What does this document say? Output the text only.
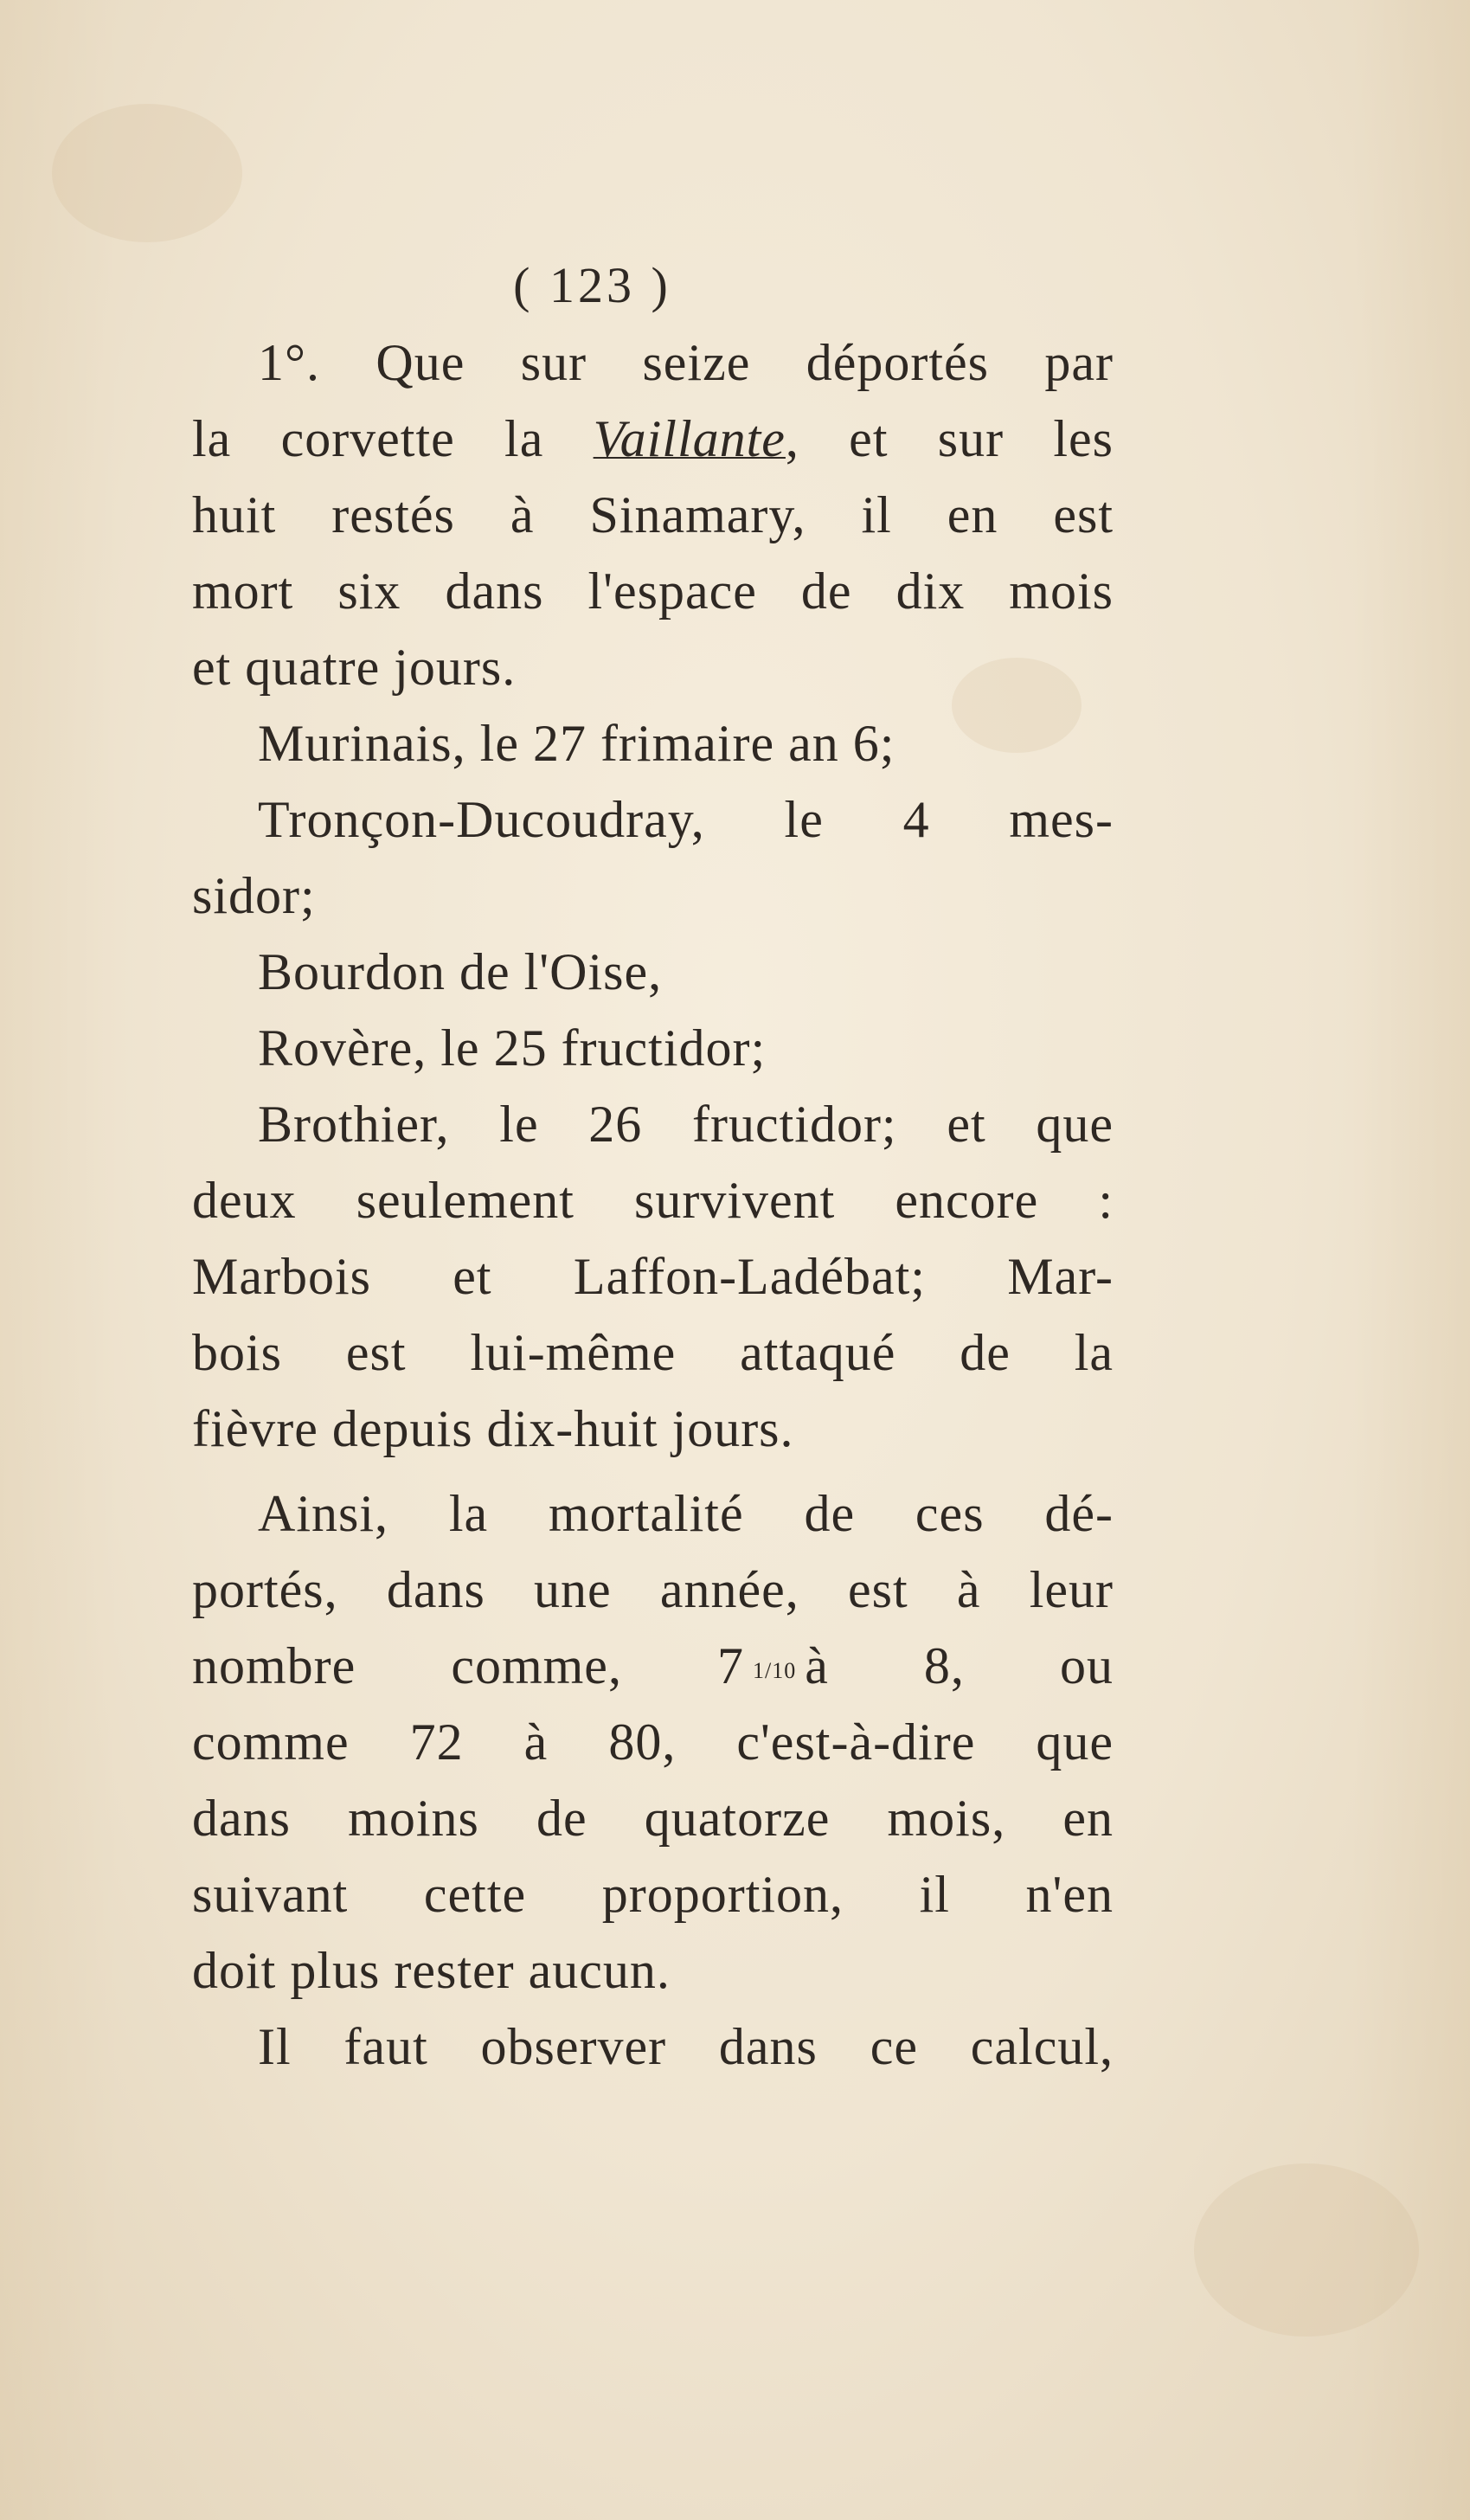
( 123 )
1°. Que sur seize déportés par
la corvette la Vaillante, et sur les
huit restés à Sinamary, il en est
mort six dans l'espace de dix mois
et quatre jours.
Murinais, le 27 frimaire an 6;
Tronçon-Ducoudray, le 4 mes-
sidor;
Bourdon de l'Oise,
Rovère, le 25 fructidor;
Brothier, le 26 fructidor; et que
deux seulement survivent encore :
Marbois et Laffon-Ladébat; Mar-
bois est lui-même attaqué de la
fièvre depuis dix-huit jours.
Ainsi, la mortalité de ces dé-
portés, dans une année, est à leur
nombre comme, 7 1/10 à 8, ou
comme 72 à 80, c'est-à-dire que
dans moins de quatorze mois, en
suivant cette proportion, il n'en
doit plus rester aucun.
Il faut observer dans ce calcul,
